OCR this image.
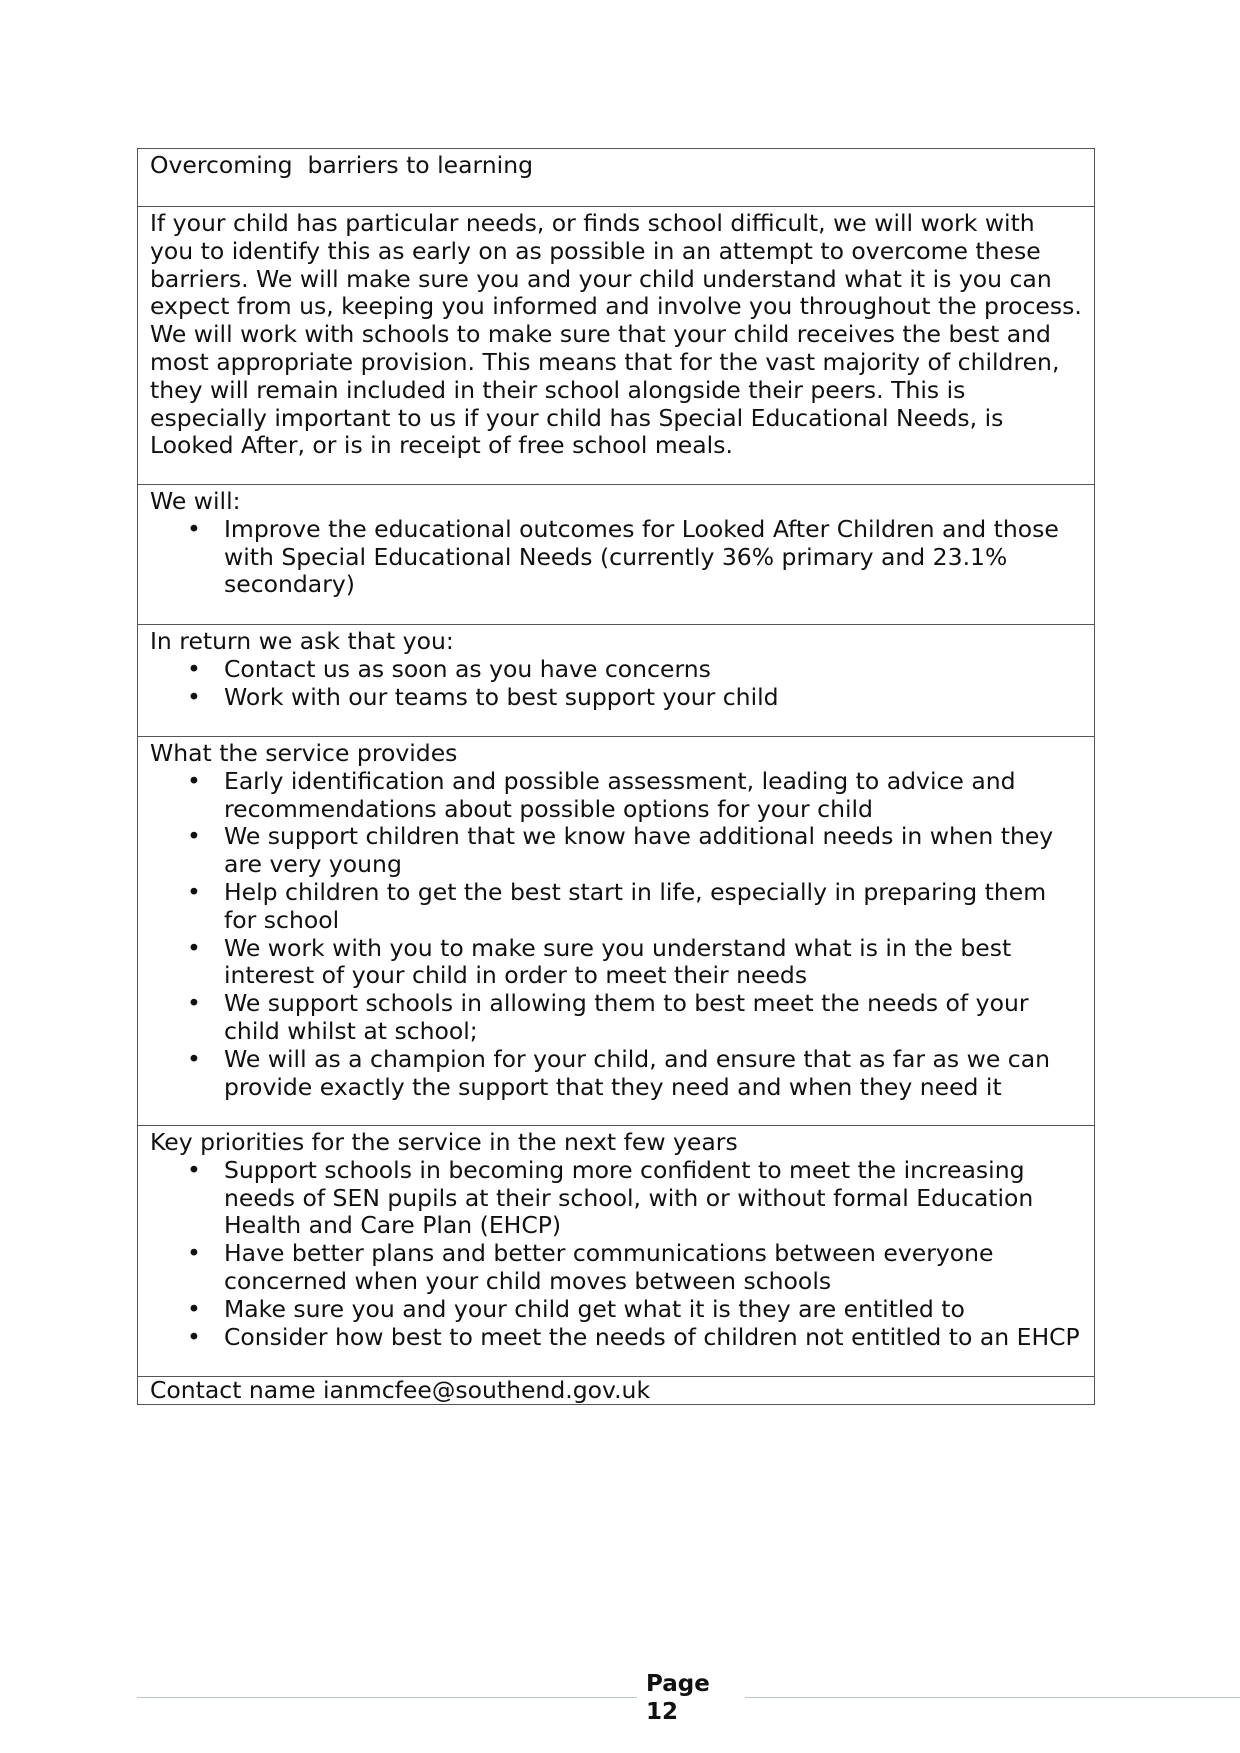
Overcoming  barriers to learning

If your child has particular needs, or finds school difficult, we will work with you to identify this as early on as possible in an attempt to overcome these barriers. We will make sure you and your child understand what it is you can expect from us, keeping you informed and involve you throughout the process. We will work with schools to make sure that your child receives the best and most appropriate provision. This means that for the vast majority of children, they will remain included in their school alongside their peers. This is especially important to us if your child has Special Educational Needs, is Looked After, or is in receipt of free school meals.

We will:

• Improve the educational outcomes for Looked After Children and those with Special Educational Needs (currently 36% primary and 23.1% secondary)

In return we ask that you:

• Contact us as soon as you have concerns
• Work with our teams to best support your child

What the service provides

• Early identification and possible assessment, leading to advice and recommendations about possible options for your child
• We support children that we know have additional needs in when they are very young
• Help children to get the best start in life, especially in preparing them for school
• We work with you to make sure you understand what is in the best interest of your child in order to meet their needs
• We support schools in allowing them to best meet the needs of your child whilst at school;
• We will as a champion for your child, and ensure that as far as we can provide exactly the support that they need and when they need it

Key priorities for the service in the next few years

• Support schools in becoming more confident to meet the increasing needs of SEN pupils at their school, with or without formal Education Health and Care Plan (EHCP)
• Have better plans and better communications between everyone concerned when your child moves between schools
• Make sure you and your child get what it is they are entitled to
• Consider how best to meet the needs of children not entitled to an EHCP

Contact name ianmcfee@southend.gov.uk

Page
12
